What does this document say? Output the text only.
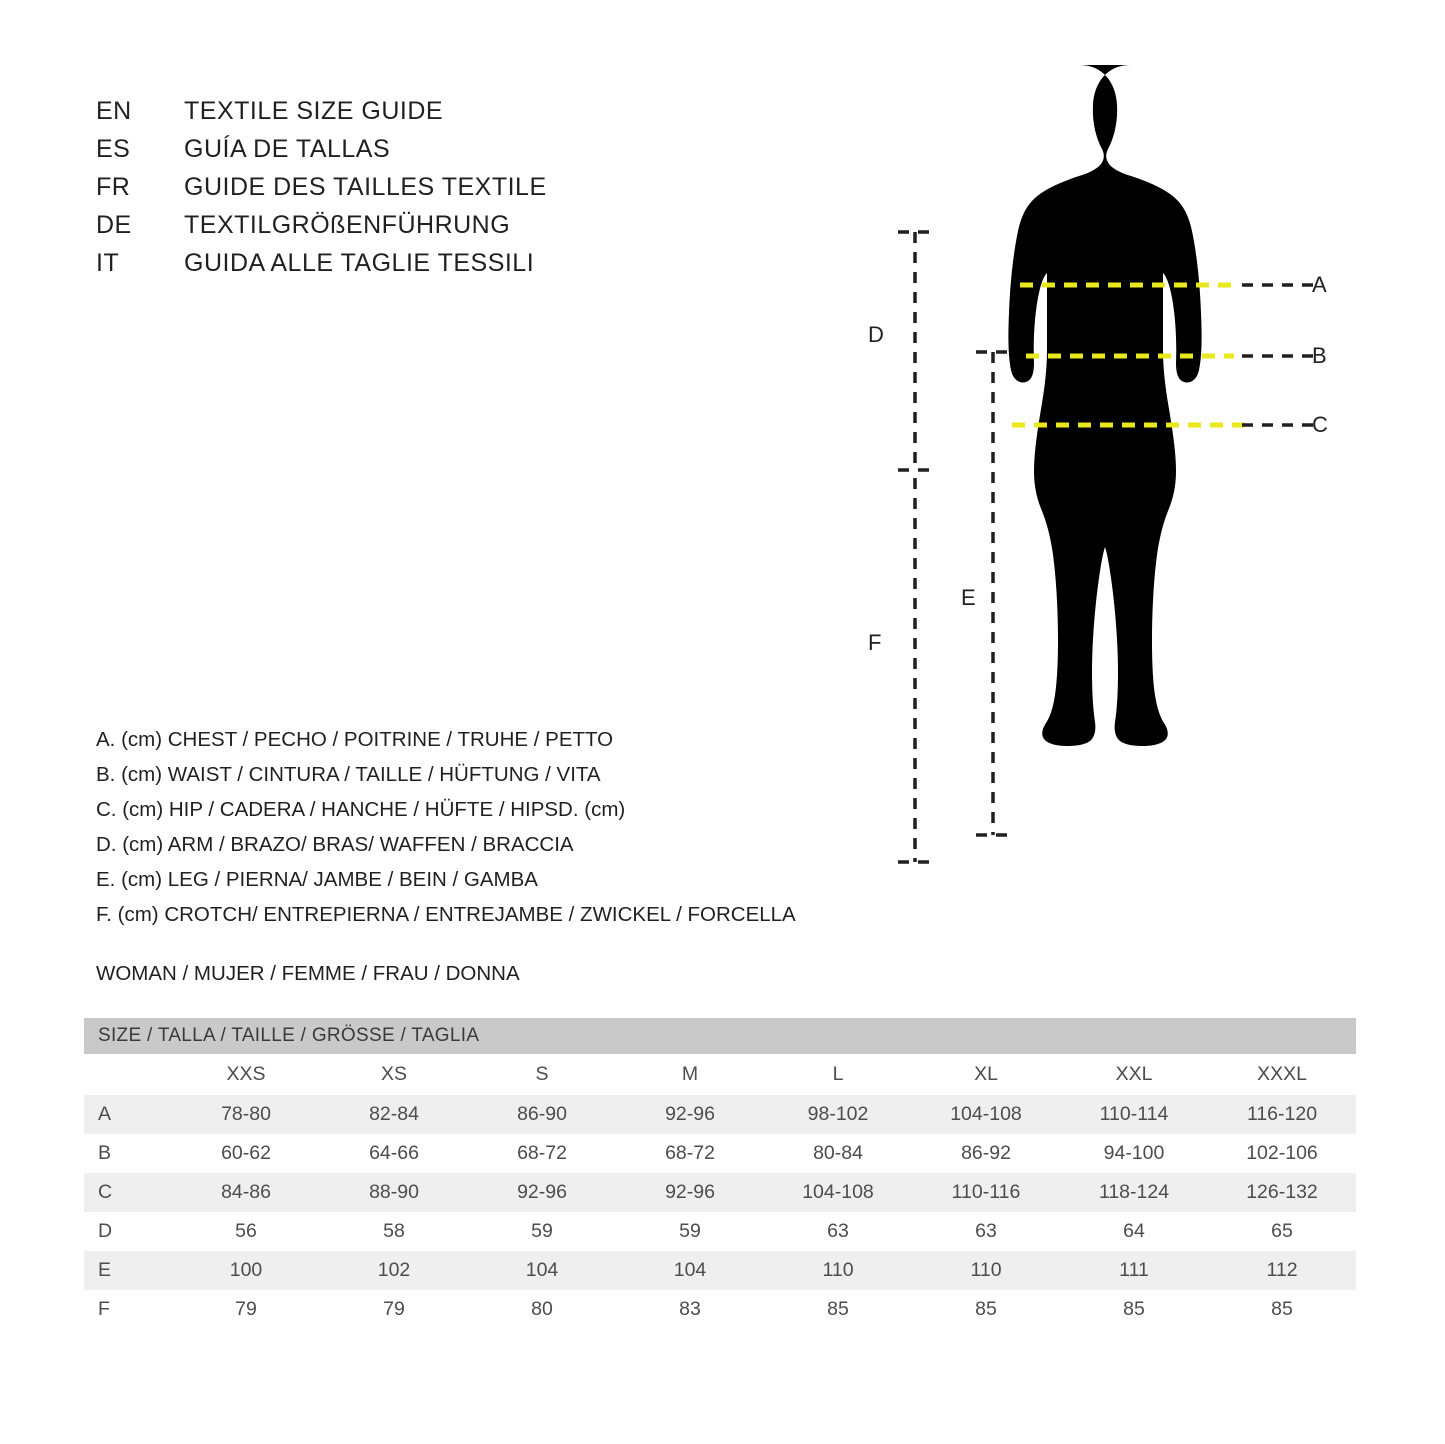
EN	TEXTILE SIZE GUIDE
ES	GUÍA DE TALLAS
FR	GUIDE DES TAILLES TEXTILE
DE	TEXTILGRÖßENFÜHRUNG
IT	GUIDA ALLE TAGLIE TESSILI
D
F
E
A
B
C
A. (cm) CHEST / PECHO / POITRINE / TRUHE / PETTO
B. (cm) WAIST / CINTURA / TAILLE / HÜFTUNG / VITA
C. (cm) HIP / CADERA / HANCHE / HÜFTE / HIPSD. (cm)
D. (cm) ARM / BRAZO/ BRAS/ WAFFEN / BRACCIA
E. (cm) LEG / PIERNA/ JAMBE / BEIN / GAMBA
F. (cm) CROTCH/ ENTREPIERNA / ENTREJAMBE / ZWICKEL / FORCELLA
WOMAN / MUJER / FEMME / FRAU / DONNA
SIZE / TALLA / TAILLE / GRÖSSE / TAGLIA								
	XXS	XS	S	M	L	XL	XXL	XXXL
A	78-80	82-84	86-90	92-96	98-102	104-108	110-114	116-120
B	60-62	64-66	68-72	68-72	80-84	86-92	94-100	102-106
C	84-86	88-90	92-96	92-96	104-108	110-116	118-124	126-132
D	56	58	59	59	63	63	64	65
E	100	102	104	104	110	110	111	112
F	79	79	80	83	85	85	85	85
